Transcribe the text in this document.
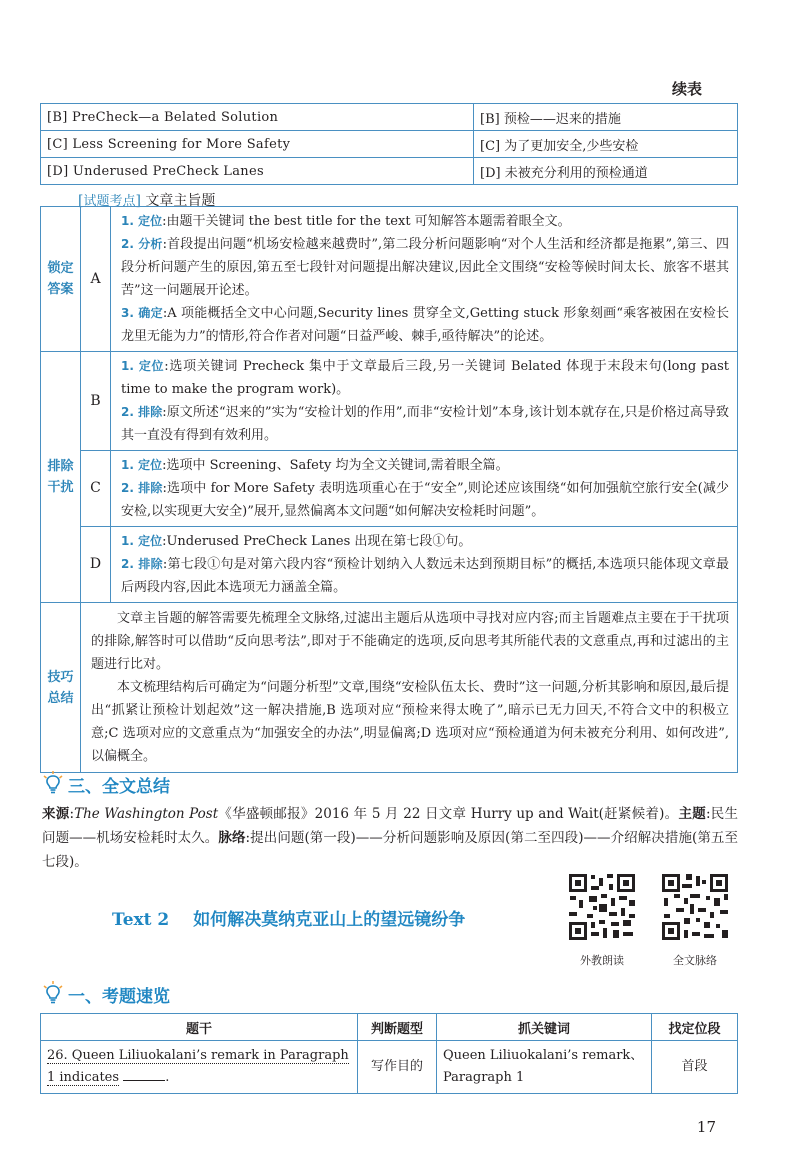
续表
[B] PreCheck—a Belated Solution	[B] 预检——迟来的措施
[C] Less Screening for More Safety	[C] 为了更加安全,少些安检
[D] Underused PreCheck Lanes	[D] 未被充分利用的预检通道
[试题考点] 文章主旨题
锁定答案	A	1. 定位:由题干关键词 the best title for the text 可知解答本题需着眼全文。

2. 分析:首段提出问题“机场安检越来越费时”,第二段分析问题影响“对个人生活和经济都是拖累”,第三、四段分析问题产生的原因,第五至七段针对问题提出解决建议,因此全文围绕“安检等候时间太长、旅客不堪其苦”这一问题展开论述。

3. 确定:A 项能概括全文中心问题,Security lines 贯穿全文,Getting stuck 形象刻画“乘客被困在安检长龙里无能为力”的情形,符合作者对问题“日益严峻、棘手,亟待解决”的论述。

排除干扰	B	1. 定位:选项关键词 Precheck 集中于文章最后三段,另一关键词 Belated 体现于末段末句(long past time to make the program work)。

2. 排除:原文所述“迟来的”实为“安检计划的作用”,而非“安检计划”本身,该计划本就存在,只是价格过高导致其一直没有得到有效利用。

	C	1. 定位:选项中 Screening、Safety 均为全文关键词,需着眼全篇。

2. 排除:选项中 for More Safety 表明选项重心在于“安全”,则论述应该围绕“如何加强航空旅行安全(减少安检,以实现更大安全)”展开,显然偏离本文问题“如何解决安检耗时问题”。

	D	1. 定位:Underused PreCheck Lanes 出现在第七段①句。

2. 排除:第七段①句是对第六段内容“预检计划纳入人数远未达到预期目标”的概括,本选项只能体现文章最后两段内容,因此本选项无力涵盖全篇。

技巧总结	文章主旨题的解答需要先梳理全文脉络,过滤出主题后从选项中寻找对应内容;而主旨题难点主要在于干扰项的排除,解答时可以借助“反向思考法”,即对于不能确定的选项,反向思考其所能代表的文意重点,再和过滤出的主题进行比对。

本文梳理结构后可确定为“问题分析型”文章,围绕“安检队伍太长、费时”这一问题,分析其影响和原因,最后提出“抓紧让预检计划起效”这一解决措施,B 选项对应“预检来得太晚了”,暗示已无力回天,不符合文中的积极立意;C 选项对应的文意重点为“加强安全的办法”,明显偏离;D 选项对应“预检通道为何未被充分利用、如何改进”,以偏概全。	

三、全文总结
来源:The Washington Post《华盛顿邮报》2016 年 5 月 22 日文章 Hurry up and Wait(赶紧候着)。主题:民生问题——机场安检耗时太久。脉络:提出问题(第一段)——分析问题影响及原因(第二至四段)——介绍解决措施(第五至七段)。
Text 2 如何解决莫纳克亚山上的望远镜纷争
外教朗读	全文脉络
一、考题速览
题干	判断题型	抓关键词	找定位段
26. Queen Liliuokalani’s remark in Paragraph
1 indicates .	写作目的	Queen Liliuokalani’s remark、
Paragraph 1	首段
17
